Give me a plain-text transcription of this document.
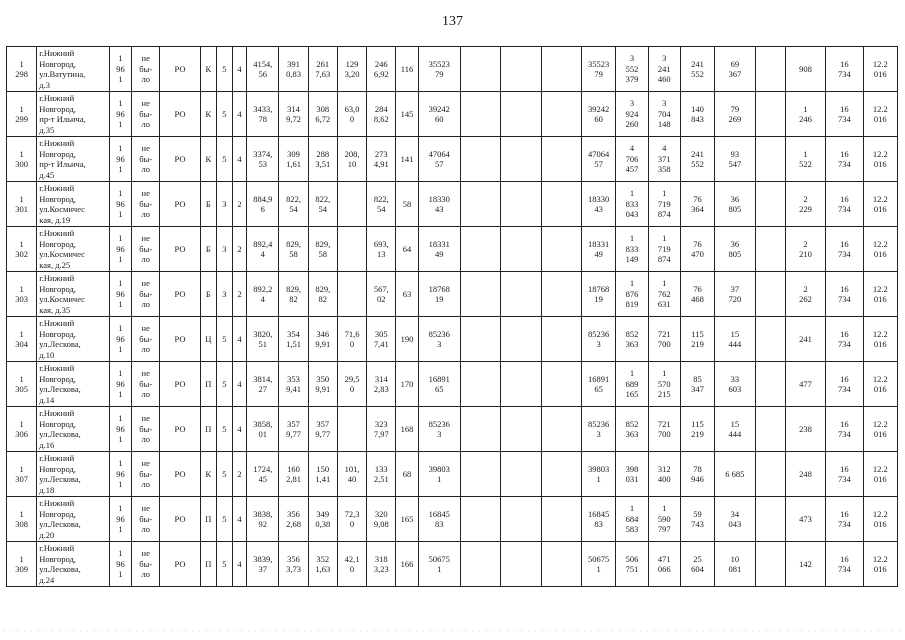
137
1
298	г.Нижний
Новгород,
ул.Ватутина,
д.3	1
96
1	не
бы-
ло	РО	К	5	4	4154,
56	391
0,83	261
7,63	129
3,20	246
6,92	116	35523
79				35523
79	3
552
379	3
241
460	241
552	69
367		908	16
734	12.2
016
1
299	г.Нижний
Новгород,
пр-т Ильича,
д.35	1
96
1	не
бы-
ло	РО	К	5	4	3433,
78	314
9,72	308
6,72	63,0
0	284
8,62	145	39242
60				39242
60	3
924
260	3
704
148	140
843	79
269		1
246	16
734	12.2
016
1
300	г.Нижний
Новгород,
пр-т Ильича,
д.45	1
96
1	не
бы-
ло	РО	К	5	4	3374,
53	309
1,61	288
3,51	208,
10	273
4,91	141	47064
57				47064
57	4
706
457	4
371
358	241
552	93
547		1
522	16
734	12.2
016
1
301	г.Нижний
Новгород,
ул.Космичес
кая, д.19	1
96
1	не
бы-
ло	РО	Б	3	2	884,9
6	822,
54	822,
54		822,
54	58	18330
43				18330
43	1
833
043	1
719
874	76
364	36
805		2
229	16
734	12.2
016
1
302	г.Нижний
Новгород,
ул.Космичес
кая, д.25	1
96
1	не
бы-
ло	РО	Б	3	2	892,4
4	829,
58	829,
58		693,
13	64	18331
49				18331
49	1
833
149	1
719
874	76
470	36
805		2
210	16
734	12.2
016
1
303	г.Нижний
Новгород,
ул.Космичес
кая, д.35	1
96
1	не
бы-
ло	РО	Б	3	2	892,2
4	829,
82	829,
82		567,
02	63	18768
19				18768
19	1
876
819	1
762
631	76
468	37
720		2
262	16
734	12.2
016
1
304	г.Нижний
Новгород,
ул.Лескова,
д.10	1
96
1	не
бы-
ло	РО	Ц	5	4	3820,
51	354
1,51	346
9,91	71,6
0	305
7,41	190	85236
3				85236
3	852
363	721
700	115
219	15
444		241	16
734	12.2
016
1
305	г.Нижний
Новгород,
ул.Лескова,
д.14	1
96
1	не
бы-
ло	РО	П	5	4	3814,
27	353
9,41	350
9,91	29,5
0	314
2,83	170	16891
65				16891
65	1
689
165	1
570
215	85
347	33
603		477	16
734	12.2
016
1
306	г.Нижний
Новгород,
ул.Лескова,
д.16	1
96
1	не
бы-
ло	РО	П	5	4	3858,
01	357
9,77	357
9,77		323
7,97	168	85236
3				85236
3	852
363	721
700	115
219	15
444		238	16
734	12.2
016
1
307	г.Нижний
Новгород,
ул.Лескова,
д.18	1
96
1	не
бы-
ло	РО	К	5	2	1724,
45	160
2,81	150
1,41	101,
40	133
2,51	68	39803
1				39803
1	398
031	312
400	78
946	6 685		248	16
734	12.2
016
1
308	г.Нижний
Новгород,
ул.Лескова,
д.20	1
96
1	не
бы-
ло	РО	П	5	4	3838,
92	356
2,68	349
0,38	72,3
0	320
9,08	165	16845
83				16845
83	1
684
583	1
590
797	59
743	34
043		473	16
734	12.2
016
1
309	г.Нижний
Новгород,
ул.Лескова,
д.24	1
96
1	не
бы-
ло	РО	П	5	4	3839,
37	356
3,73	352
1,63	42,1
0	318
3,23	166	50675
1				50675
1	506
751	471
066	25
604	10
081		142	16
734	12.2
016
